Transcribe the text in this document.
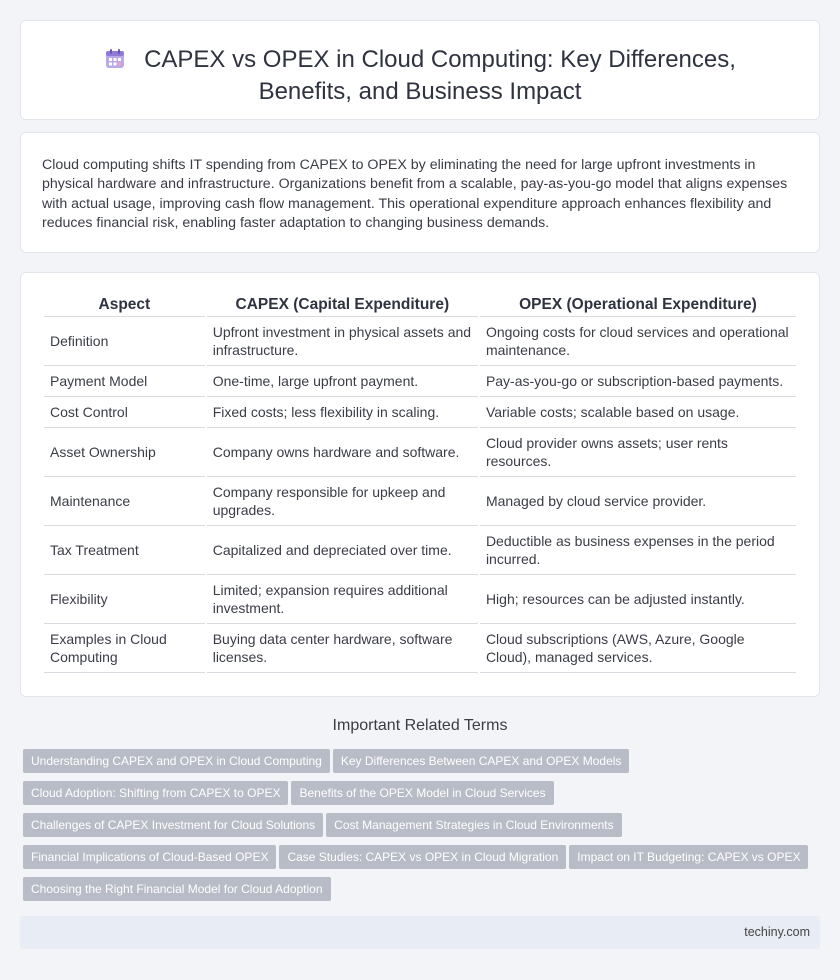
CAPEX vs OPEX in Cloud Computing: Key Differences, Benefits, and Business Impact

Cloud computing shifts IT spending from CAPEX to OPEX by eliminating the need for large upfront investments in physical hardware and infrastructure. Organizations benefit from a scalable, pay-as-you-go model that aligns expenses with actual usage, improving cash flow management. This operational expenditure approach enhances flexibility and reduces financial risk, enabling faster adaptation to changing business demands.

Aspect	CAPEX (Capital Expenditure)	OPEX (Operational Expenditure)
Definition	Upfront investment in physical assets and infrastructure.	Ongoing costs for cloud services and operational maintenance.
Payment Model	One-time, large upfront payment.	Pay-as-you-go or subscription-based payments.
Cost Control	Fixed costs; less flexibility in scaling.	Variable costs; scalable based on usage.
Asset Ownership	Company owns hardware and software.	Cloud provider owns assets; user rents resources.
Maintenance	Company responsible for upkeep and upgrades.	Managed by cloud service provider.
Tax Treatment	Capitalized and depreciated over time.	Deductible as business expenses in the period incurred.
Flexibility	Limited; expansion requires additional investment.	High; resources can be adjusted instantly.
Examples in Cloud Computing	Buying data center hardware, software licenses.	Cloud subscriptions (AWS, Azure, Google Cloud), managed services.
Important Related Terms
Understanding CAPEX and OPEX in Cloud Computing Key Differences Between CAPEX and OPEX Models
Cloud Adoption: Shifting from CAPEX to OPEX Benefits of the OPEX Model in Cloud Services
Challenges of CAPEX Investment for Cloud Solutions Cost Management Strategies in Cloud Environments
Financial Implications of Cloud-Based OPEX Case Studies: CAPEX vs OPEX in Cloud Migration Impact on IT Budgeting: CAPEX vs OPEX
Choosing the Right Financial Model for Cloud Adoption
techiny.com
